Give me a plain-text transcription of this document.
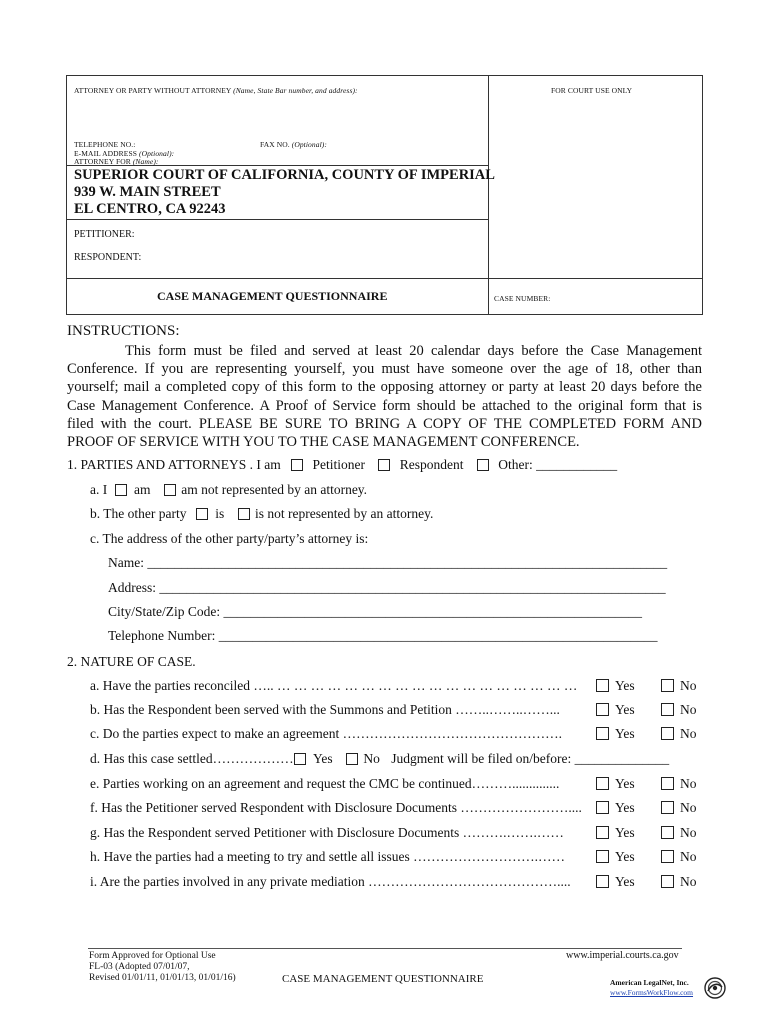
ATTORNEY OR PARTY WITHOUT ATTORNEY (Name, State Bar number, and address):	FOR COURT USE ONLY
TELEPHONE NO.:	FAX NO. (Optional):
E-MAIL ADDRESS (Optional):
ATTORNEY FOR (Name):
SUPERIOR COURT OF CALIFORNIA, COUNTY OF IMPERIAL
939 W. MAIN STREET
EL CENTRO, CA 92243
PETITIONER:
RESPONDENT:
CASE MANAGEMENT QUESTIONNAIRE	CASE NUMBER:
INSTRUCTIONS:
This form must be filed and served at least 20 calendar days before the Case Management
Conference. If you are representing yourself, you must have someone over the age of 18, other than
yourself; mail a completed copy of this form to the opposing attorney or party at least 20 days before the
Case Management Conference. A Proof of Service form should be attached to the original form that is
filed with the court. PLEASE BE SURE TO BRING A COPY OF THE COMPLETED FORM AND
PROOF OF SERVICE WITH YOU TO THE CASE MANAGEMENT CONFERENCE.
1. PARTIES AND ATTORNEYS . I am Petitioner	Respondent	Other: ____________
a. I am am not represented by an attorney.
b. The other party is is not represented by an attorney.
c. The address of the other party/party’s attorney is:
Name: _____________________________________________________________________________
Address: ___________________________________________________________________________
City/State/Zip Code: ______________________________________________________________
Telephone Number: _________________________________________________________________
2. NATURE OF CASE.
a. Have the parties reconciled ….. … … … … … … … … … … … … … … … … … …	Yes	No
b. Has the Respondent been served with the Summons and Petition ……..……..……...	Yes	No
c. Do the parties expect to make an agreement ………………………………………….	Yes	No
d. Has this case settled……………… Yes No Judgment will be filed on/before: ______________
e. Parties working on an agreement and request the CMC be continued………..............	Yes	No
f. Has the Petitioner served Respondent with Disclosure Documents ……………………....	Yes	No
g. Has the Respondent served Petitioner with Disclosure Documents ……….…….……	Yes	No
h. Have the parties had a meeting to try and settle all issues ……………………….……	Yes	No
i. Are the parties involved in any private mediation ……………………………………....	Yes	No
Form Approved for Optional Use
FL-03 (Adopted 07/01/07,
Revised 01/01/11, 01/01/13, 01/01/16)	CASE MANAGEMENT QUESTIONNAIRE
www.imperial.courts.ca.gov
American LegalNet, Inc.
www.FormsWorkFlow.com
